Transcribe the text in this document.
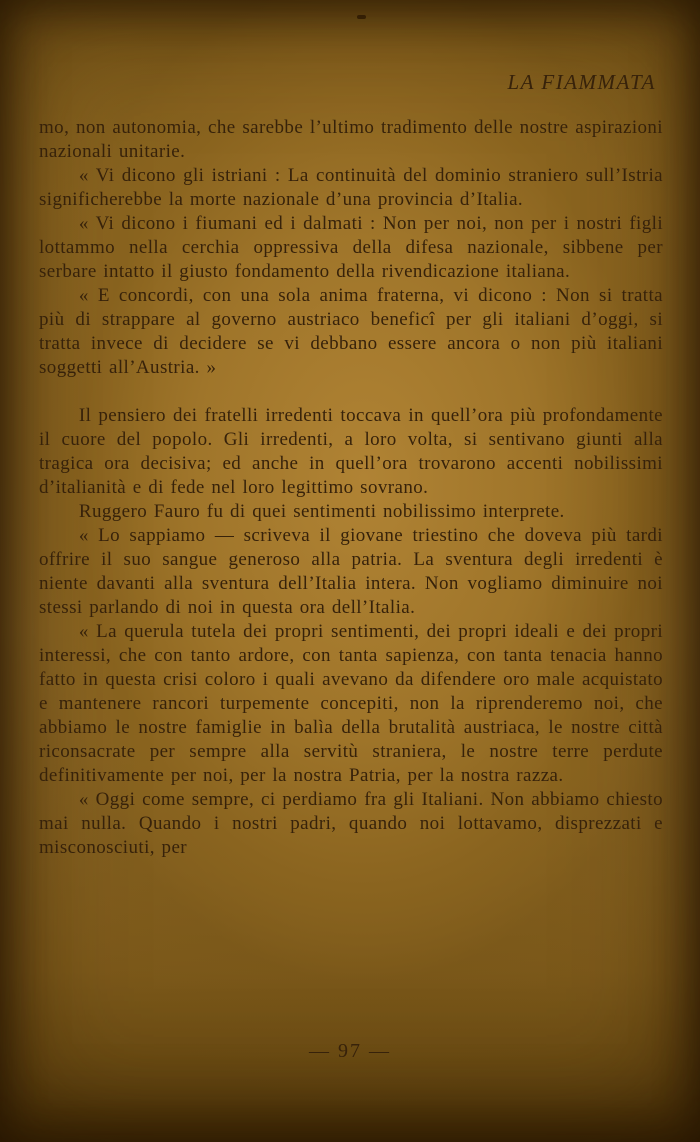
LA FIAMMATA

mo, non autonomia, che sarebbe l’ultimo tradimento delle nostre aspirazioni nazionali unitarie.

« Vi dicono gli istriani : La continuità del dominio straniero sull’Istria significherebbe la morte nazionale d’una provincia d’Italia.

« Vi dicono i fiumani ed i dalmati : Non per noi, non per i nostri figli lottammo nella cerchia oppressiva della difesa nazionale, sibbene per serbare intatto il giusto fondamento della rivendicazione italiana.

« E concordi, con una sola anima fraterna, vi dicono : Non si tratta più di strappare al governo austriaco beneficî per gli italiani d’oggi, si tratta invece di decidere se vi debbano essere ancora o non più italiani soggetti all’Austria. »

Il pensiero dei fratelli irredenti toccava in quell’ora più profondamente il cuore del popolo. Gli irredenti, a loro volta, si sentivano giunti alla tragica ora decisiva; ed anche in quell’ora trovarono accenti nobilissimi d’italianità e di fede nel loro legittimo sovrano.

Ruggero Fauro fu di quei sentimenti nobilissimo interprete.

« Lo sappiamo — scriveva il giovane triestino che doveva più tardi offrire il suo sangue generoso alla patria. La sventura degli irredenti è niente davanti alla sventura dell’Italia intera. Non vogliamo diminuire noi stessi parlando di noi in questa ora dell’Italia.

« La querula tutela dei propri sentimenti, dei propri ideali e dei propri interessi, che con tanto ardore, con tanta sapienza, con tanta tenacia hanno fatto in questa crisi coloro i quali avevano da difendere oro male acquistato e mantenere rancori turpemente concepiti, non la riprenderemo noi, che abbiamo le nostre famiglie in balìa della brutalità austriaca, le nostre città riconsacrate per sempre alla servitù straniera, le nostre terre perdute definitivamente per noi, per la nostra Patria, per la nostra razza.

« Oggi come sempre, ci perdiamo fra gli Italiani. Non abbiamo chiesto mai nulla. Quando i nostri padri, quando noi lottavamo, disprezzati e misconosciuti, per

— 97 —
